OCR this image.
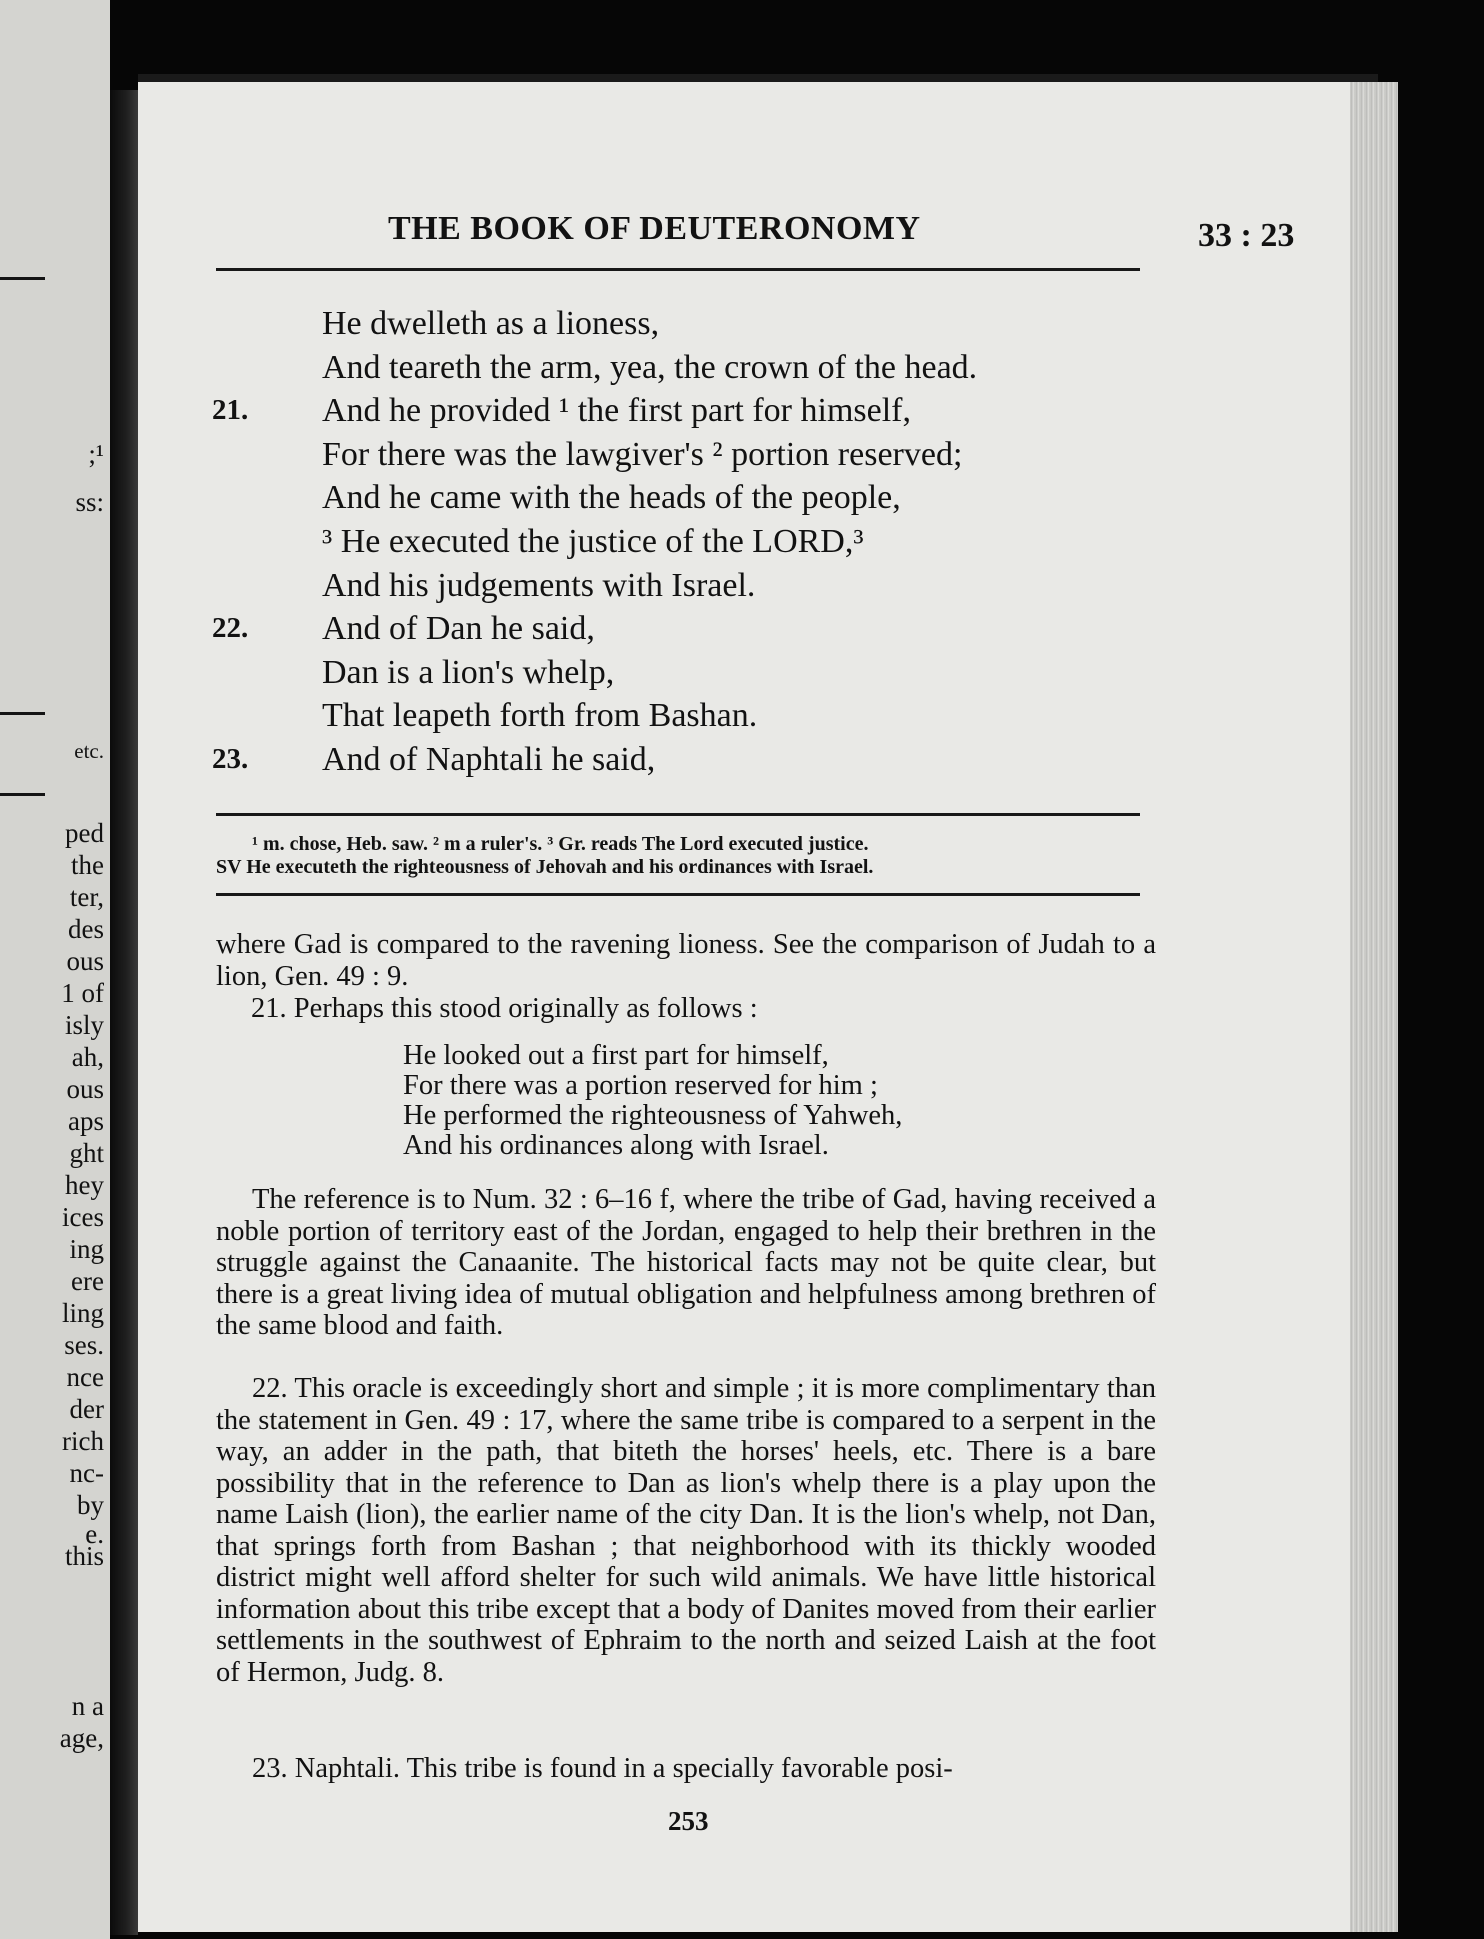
;¹
ss:
etc.
ped
the
ter,
des
ous
1 of
isly
ah,
ous
aps
ght
hey
ices
ing
ere
ling
ses.
nce
der
rich
nc-
by
e.
this
n a
age,
THE BOOK OF DEUTERONOMY	33 : 23
He dwelleth as a lioness,
And teareth the arm, yea, the crown of the head.
21. And he provided ¹ the first part for himself,
For there was the lawgiver's ² portion reserved;
And he came with the heads of the people,
³ He executed the justice of the LORD,³
And his judgements with Israel.
22. And of Dan he said,
Dan is a lion's whelp,
That leapeth forth from Bashan.
23. And of Naphtali he said,
¹ m. chose, Heb. saw. ² m a ruler's. ³ Gr. reads The Lord executed justice.
SV He executeth the righteousness of Jehovah and his ordinances with Israel.

where Gad is compared to the ravening lioness. See the comparison of Judah to a lion, Gen. 49 : 9.

21. Perhaps this stood originally as follows :

He looked out a first part for himself,
For there was a portion reserved for him ;
He performed the righteousness of Yahweh,
And his ordinances along with Israel.

The reference is to Num. 32 : 6–16 f, where the tribe of Gad, having received a noble portion of territory east of the Jordan, engaged to help their brethren in the struggle against the Canaanite. The historical facts may not be quite clear, but there is a great living idea of mutual obligation and helpfulness among brethren of the same blood and faith.

22. This oracle is exceedingly short and simple ; it is more complimentary than the statement in Gen. 49 : 17, where the same tribe is compared to a serpent in the way, an adder in the path, that biteth the horses' heels, etc. There is a bare possibility that in the reference to Dan as lion's whelp there is a play upon the name Laish (lion), the earlier name of the city Dan. It is the lion's whelp, not Dan, that springs forth from Bashan ; that neighborhood with its thickly wooded district might well afford shelter for such wild animals. We have little historical information about this tribe except that a body of Danites moved from their earlier settlements in the southwest of Ephraim to the north and seized Laish at the foot of Hermon, Judg. 8.

23. Naphtali. This tribe is found in a specially favorable posi-

253
